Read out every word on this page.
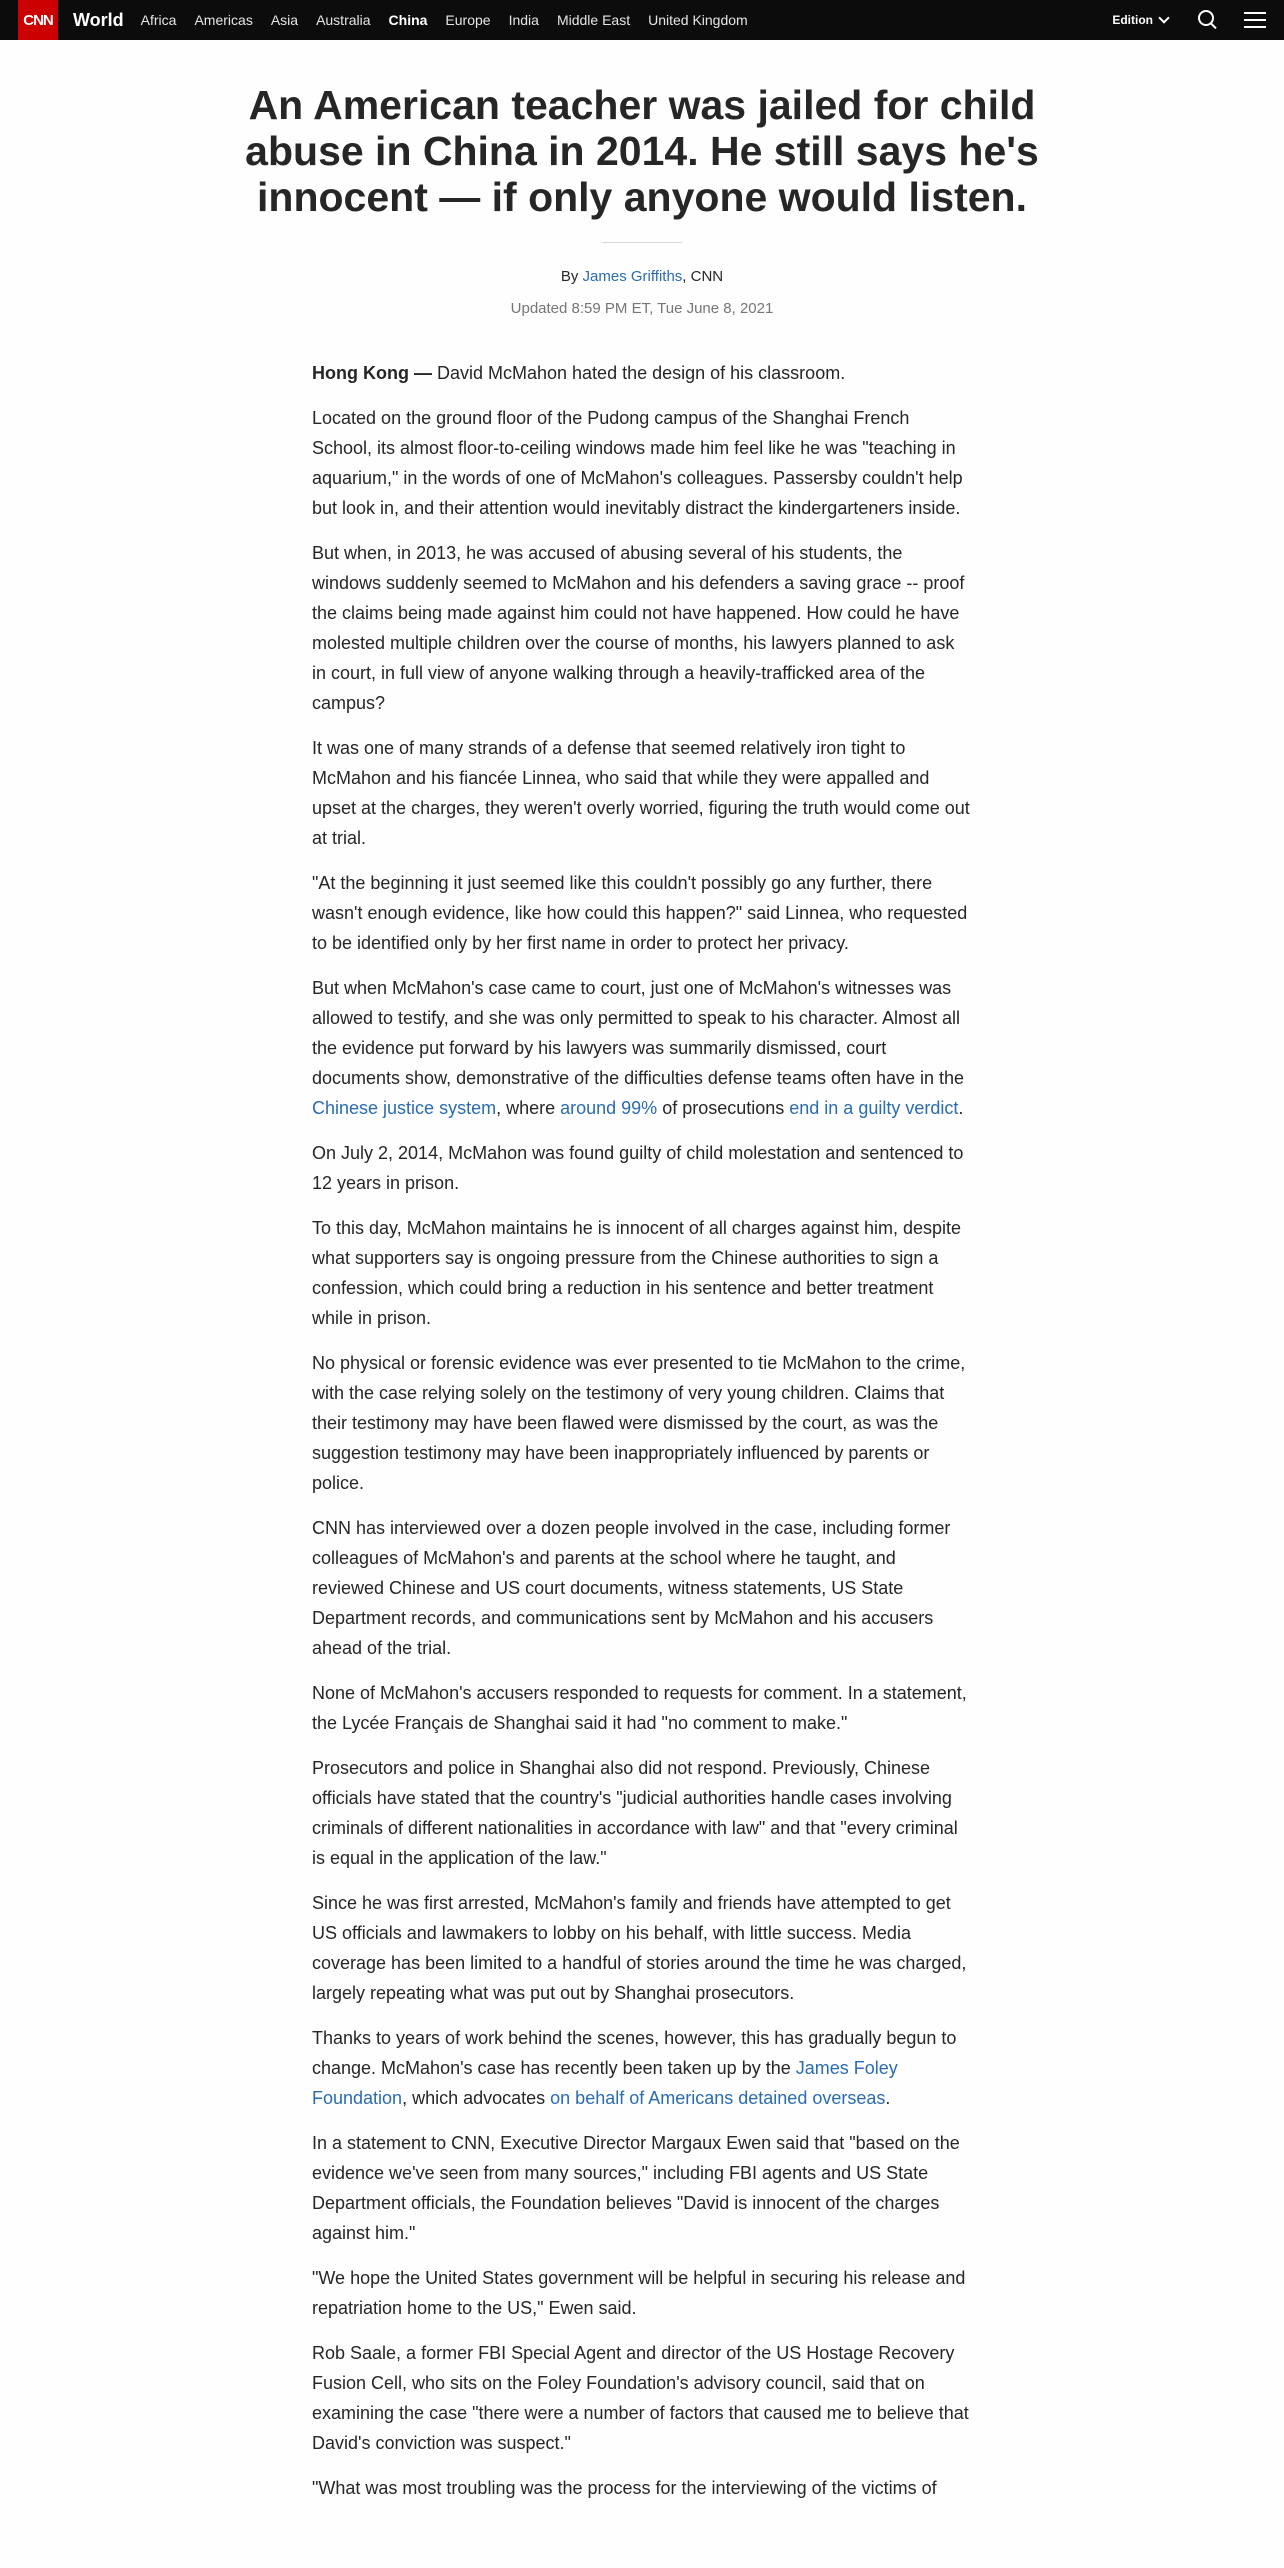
CNN World Africa Americas Asia Australia China Europe India Middle East United Kingdom	Edition
An American teacher was jailed for child abuse in China in 2014. He still says he's innocent — if only anyone would listen.
By James Griffiths, CNN
Updated 8:59 PM ET, Tue June 8, 2021

Hong Kong — David McMahon hated the design of his classroom.

Located on the ground floor of the Pudong campus of the Shanghai French School, its almost floor-to-ceiling windows made him feel like he was "teaching in aquarium," in the words of one of McMahon's colleagues. Passersby couldn't help but look in, and their attention would inevitably distract the kindergarteners inside.

But when, in 2013, he was accused of abusing several of his students, the windows suddenly seemed to McMahon and his defenders a saving grace -- proof the claims being made against him could not have happened. How could he have molested multiple children over the course of months, his lawyers planned to ask in court, in full view of anyone walking through a heavily-trafficked area of the campus?

It was one of many strands of a defense that seemed relatively iron tight to McMahon and his fiancée Linnea, who said that while they were appalled and upset at the charges, they weren't overly worried, figuring the truth would come out at trial.

"At the beginning it just seemed like this couldn't possibly go any further, there wasn't enough evidence, like how could this happen?" said Linnea, who requested to be identified only by her first name in order to protect her privacy.

But when McMahon's case came to court, just one of McMahon's witnesses was allowed to testify, and she was only permitted to speak to his character. Almost all the evidence put forward by his lawyers was summarily dismissed, court documents show, demonstrative of the difficulties defense teams often have in the Chinese justice system, where around 99% of prosecutions end in a guilty verdict.

On July 2, 2014, McMahon was found guilty of child molestation and sentenced to 12 years in prison.

To this day, McMahon maintains he is innocent of all charges against him, despite what supporters say is ongoing pressure from the Chinese authorities to sign a confession, which could bring a reduction in his sentence and better treatment while in prison.

No physical or forensic evidence was ever presented to tie McMahon to the crime, with the case relying solely on the testimony of very young children. Claims that their testimony may have been flawed were dismissed by the court, as was the suggestion testimony may have been inappropriately influenced by parents or police.

CNN has interviewed over a dozen people involved in the case, including former colleagues of McMahon's and parents at the school where he taught, and reviewed Chinese and US court documents, witness statements, US State Department records, and communications sent by McMahon and his accusers ahead of the trial.

None of McMahon's accusers responded to requests for comment. In a statement, the Lycée Français de Shanghai said it had "no comment to make."

Prosecutors and police in Shanghai also did not respond. Previously, Chinese officials have stated that the country's "judicial authorities handle cases involving criminals of different nationalities in accordance with law" and that "every criminal is equal in the application of the law."

Since he was first arrested, McMahon's family and friends have attempted to get US officials and lawmakers to lobby on his behalf, with little success. Media coverage has been limited to a handful of stories around the time he was charged, largely repeating what was put out by Shanghai prosecutors.

Thanks to years of work behind the scenes, however, this has gradually begun to change. McMahon's case has recently been taken up by the James Foley Foundation, which advocates on behalf of Americans detained overseas.

In a statement to CNN, Executive Director Margaux Ewen said that "based on the evidence we've seen from many sources," including FBI agents and US State Department officials, the Foundation believes "David is innocent of the charges against him."

"We hope the United States government will be helpful in securing his release and repatriation home to the US," Ewen said.

Rob Saale, a former FBI Special Agent and director of the US Hostage Recovery Fusion Cell, who sits on the Foley Foundation's advisory council, said that on examining the case "there were a number of factors that caused me to believe that David's conviction was suspect."

"What was most troubling was the process for the interviewing of the victims of
